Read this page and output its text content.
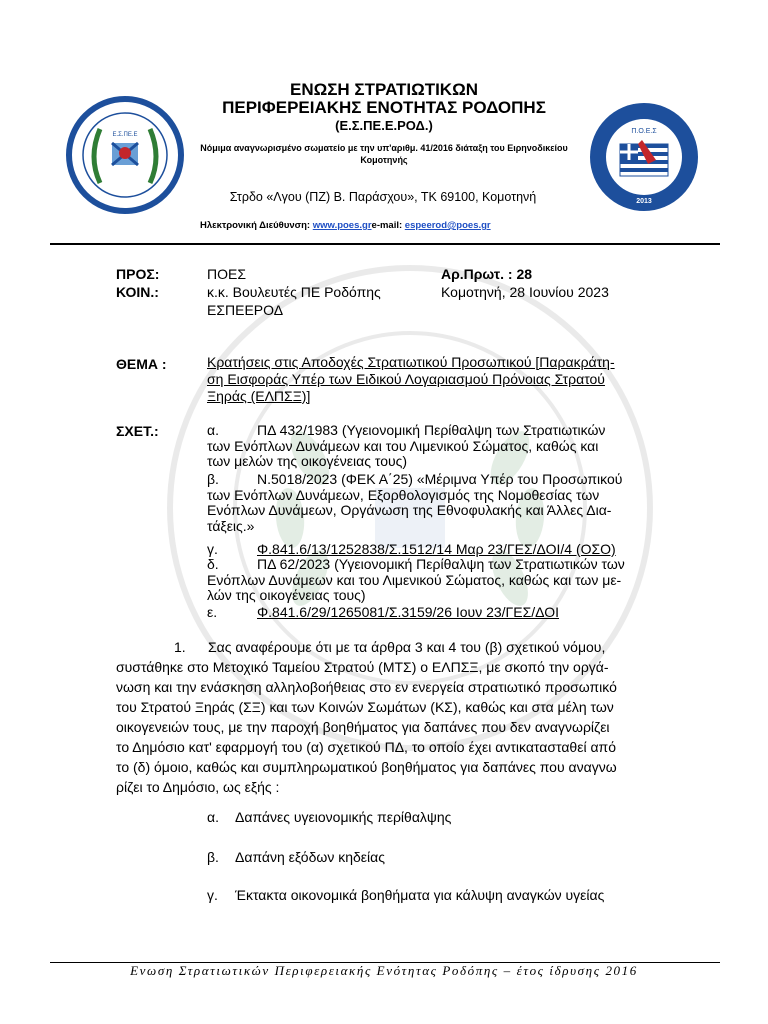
Ε.Σ.ΠΕ.Ε
2016
Π.Ο.Ε.Σ
2013
ΕΝΩΣΗ ΣΤΡΑΤΙΩΤΙΚΩΝ
ΠΕΡΙΦΕΡΕΙΑΚΗΣ ΕΝΟΤΗΤΑΣ ΡΟΔΟΠΗΣ
(Ε.Σ.ΠΕ.Ε.ΡΟΔ.)
Νόμιμα αναγνωρισμένο σωματείο με την υπ'αριθμ. 41/2016 διάταξη του Ειρηνοδικείου Κομοτηνής
Στρδο «Λγου (ΠΖ) Β. Παράσχου», ΤΚ 69100, Κομοτηνή
Ηλεκτρονική Διεύθυνση: www.poes.gre-mail: espeerod@poes.gr
ΠΡΟΣ:	ΠΟΕΣ	Αρ.Πρωτ. : 28
ΚΟΙΝ.:	κ.κ. Βουλευτές ΠΕ Ροδόπης	Κομοτηνή, 28 Ιουνίου 2023
ΕΣΠΕΕΡΟΔ
ΘΕΜΑ :	Κρατήσεις στις Αποδοχές Στρατιωτικού Προσωπικού [Παρακράτη-
ση Εισφοράς Υπέρ των Ειδικού Λογαριασμού Πρόνοιας Στρατού
Ξηράς (ΕΛΠΣΞ)]
ΣΧΕΤ.:	α.	ΠΔ 432/1983 (Υγειονομική Περίθαλψη των Στρατιωτικών
των Ενόπλων Δυνάμεων και του Λιμενικού Σώματος, καθώς και
των μελών της οικογένειας τους)
β.	Ν.5018/2023 (ΦΕΚ Α΄25) «Μέριμνα Υπέρ του Προσωπικού
των Ενόπλων Δυνάμεων, Εξορθολογισμός της Νομοθεσίας των
Ενόπλων Δυνάμεων, Οργάνωση της Εθνοφυλακής και Άλλες Δια-
τάξεις.»
γ.	Φ.841.6/13/1252838/Σ.1512/14 Μαρ 23/ΓΕΣ/ΔΟΙ/4 (ΟΣΟ)
δ.	ΠΔ 62/2023 (Υγειονομική Περίθαλψη των Στρατιωτικών των
Ενόπλων Δυνάμεων και του Λιμενικού Σώματος, καθώς και των με-
λών της οικογένειας τους)
ε.	Φ.841.6/29/1265081/Σ.3159/26 Ιουν 23/ΓΕΣ/ΔΟΙ
1. Σας αναφέρουμε ότι με τα άρθρα 3 και 4 του (β) σχετικού νόμου,
συστάθηκε στο Μετοχικό Ταμείου Στρατού (ΜΤΣ) ο ΕΛΠΣΞ, με σκοπό την οργά-
νωση και την ενάσκηση αλληλοβοήθειας στο εν ενεργεία στρατιωτικό προσωπικό
του Στρατού Ξηράς (ΣΞ) και των Κοινών Σωμάτων (ΚΣ), καθώς και στα μέλη των
οικογενειών τους, με την παροχή βοηθήματος για δαπάνες που δεν αναγνωρίζει
το Δημόσιο κατ' εφαρμογή του (α) σχετικού ΠΔ, το οποίο έχει αντικατασταθεί από
το (δ) όμοιο, καθώς και συμπληρωματικού βοηθήματος για δαπάνες που αναγνω
ρίζει το Δημόσιο, ως εξής :
α. Δαπάνες υγειονομικής περίθαλψης
β. Δαπάνη εξόδων κηδείας
γ. Έκτακτα οικονομικά βοηθήματα για κάλυψη αναγκών υγείας
Ενωση Στρατιωτικών Περιφερειακής Ενότητας Ροδόπης – έτος ίδρυσης 2016
